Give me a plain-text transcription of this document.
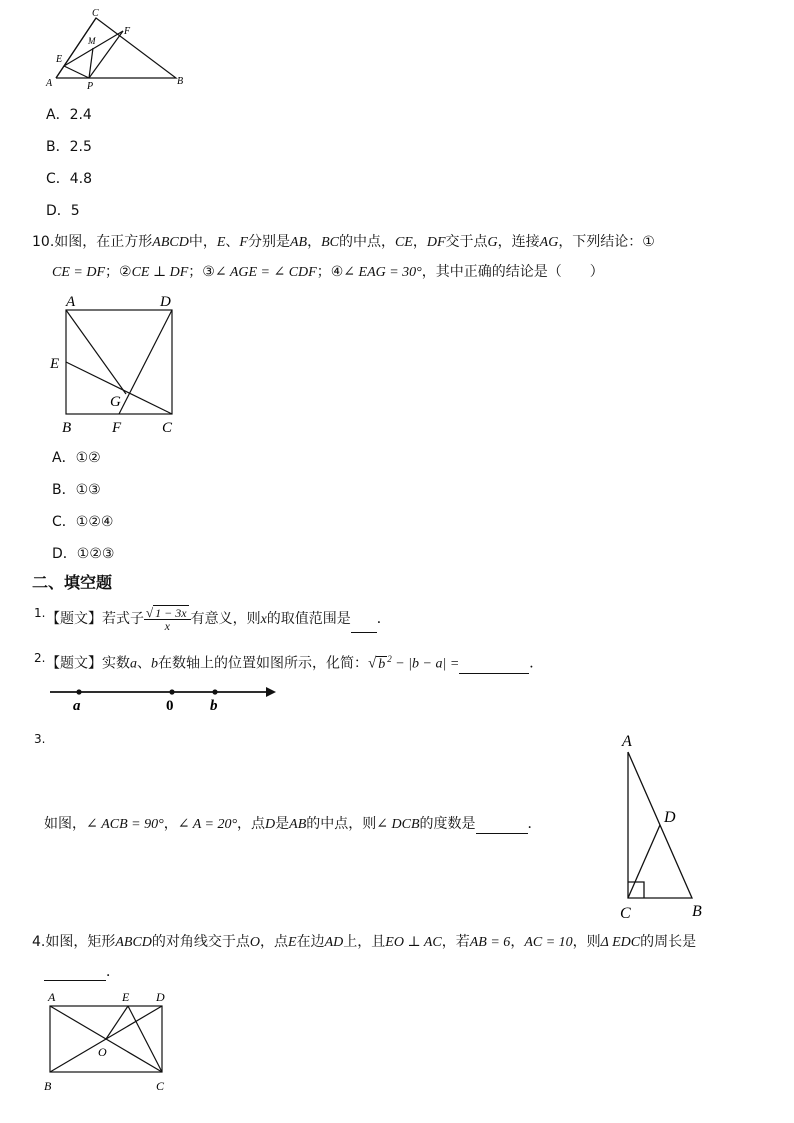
C
M
F
E
A	P	B
A．2.4
B．2.5
C．4.8
D．5
10.如图，在正方形ABCD中，E、F分别是AB，BC的中点，CE，DF交于点G，连接AG，下列结论：①
CE = DF；②CE ⊥ DF；③∠ AGE = ∠ CDF；④∠ EAG = 30°，其中正确的结论是（　　）
A	D
E
G
B	F	C
A．①②
B．①③
C．①②④
D．①②③
二、填空题
1. 【题文】若式子 $\frac{√ 1 - 3x}{x}$ 有意义，则x的取值范围是 ．
2. 【题文】实数a、b在数轴上的位置如图所示，化简：√ b $^2$ − |b − a| =	．
a	0 b
3.
如图，∠ ACB = 90°，∠ A = 20°，点D是AB的中点，则∠ DCB的度数是	．
A
D
C	B
4.如图，矩形ABCD的对角线交于点O，点E在边AD上，且EO ⊥ AC，若AB = 6，AC = 10，则Δ EDC的周长是
．
A	E D
O
B	C
